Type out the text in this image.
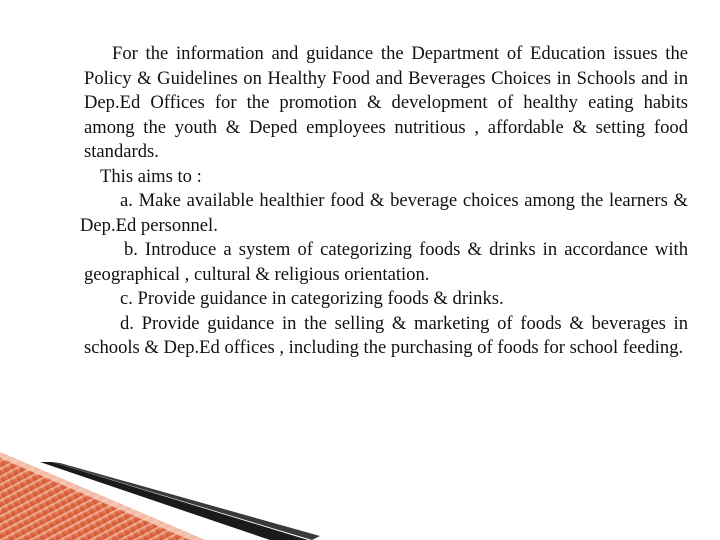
For the information and guidance the Department of Education issues the Policy & Guidelines on Healthy Food and Beverages Choices in Schools and in Dep.Ed Offices for the promotion & development of healthy eating habits among the youth & Deped employees nutritious , affordable & setting food standards.

This aims to :

a. Make available healthier food & beverage choices among the learners & Dep.Ed personnel.

b. Introduce a system of categorizing foods & drinks in accordance with geographical , cultural & religious orientation.

c. Provide guidance in categorizing foods & drinks.

d. Provide guidance in the selling & marketing of foods & beverages in schools & Dep.Ed offices , including the purchasing of foods for school feeding.
